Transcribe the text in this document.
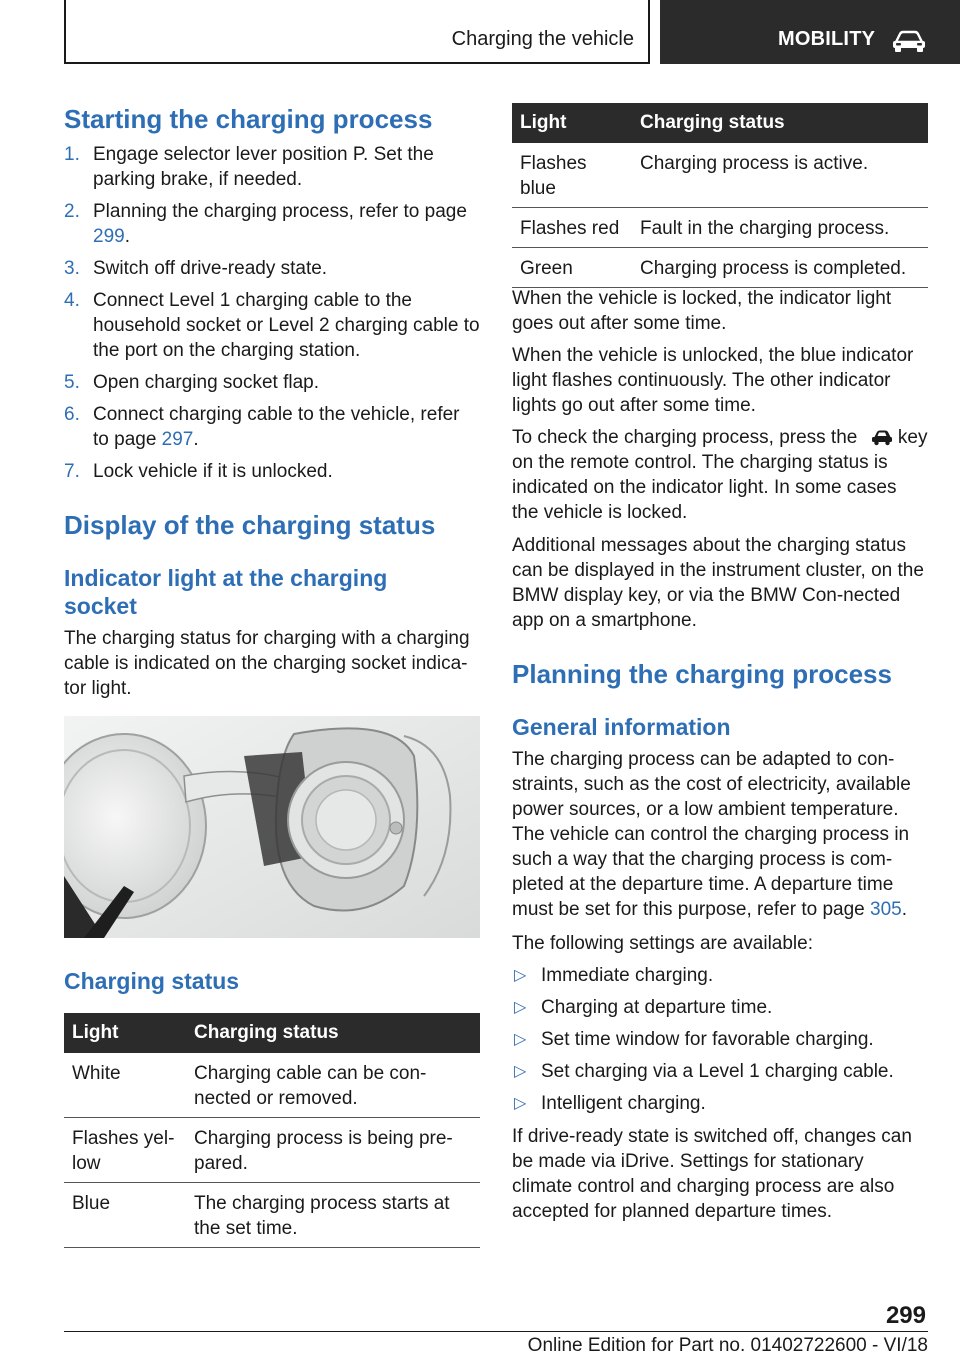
Charging the vehicle	MOBILITY
Starting the charging process
1. Engage selector lever position P. Set the parking brake, if needed.
2. Planning the charging process, refer to page 299.
3. Switch off drive-ready state.
4. Connect Level 1 charging cable to the household socket or Level 2 charging cable to the port on the charging station.
5. Open charging socket flap.
6. Connect charging cable to the vehicle, refer to page 297.
7. Lock vehicle if it is unlocked.
Display of the charging status
Indicator light at the charging socket
The charging status for charging with a charging cable is indicated on the charging socket indica‐tor light.
Charging status
Light	Charging status
White	Charging cable can be con‐nected or removed.
Flashes yel‐low	Charging process is being pre‐pared.
Blue	The charging process starts at the set time.
Light	Charging status
Flashes blue	Charging process is active.
Flashes red	Fault in the charging process.
Green	Charging process is completed.
When the vehicle is locked, the indicator light goes out after some time.
When the vehicle is unlocked, the blue indicator light flashes continuously. The other indicator lights go out after some time.
To check the charging process, press the key on the remote control. The charging status is indicated on the indicator light. In some cases the vehicle is locked.
Additional messages about the charging status can be displayed in the instrument cluster, on the BMW display key, or via the BMW Con‐nected app on a smartphone.
Planning the charging process
General information
The charging process can be adapted to con‐straints, such as the cost of electricity, available power sources, or a low ambient temperature. The vehicle can control the charging process in such a way that the charging process is com‐pleted at the departure time. A departure time must be set for this purpose, refer to page 305.
The following settings are available:
▷ Immediate charging.
▷ Charging at departure time.
▷ Set time window for favorable charging.
▷ Set charging via a Level 1 charging cable.
▷ Intelligent charging.
If drive-ready state is switched off, changes can be made via iDrive. Settings for stationary climate control and charging process are also accepted for planned departure times.
299
Online Edition for Part no. 01402722600 - VI/18
